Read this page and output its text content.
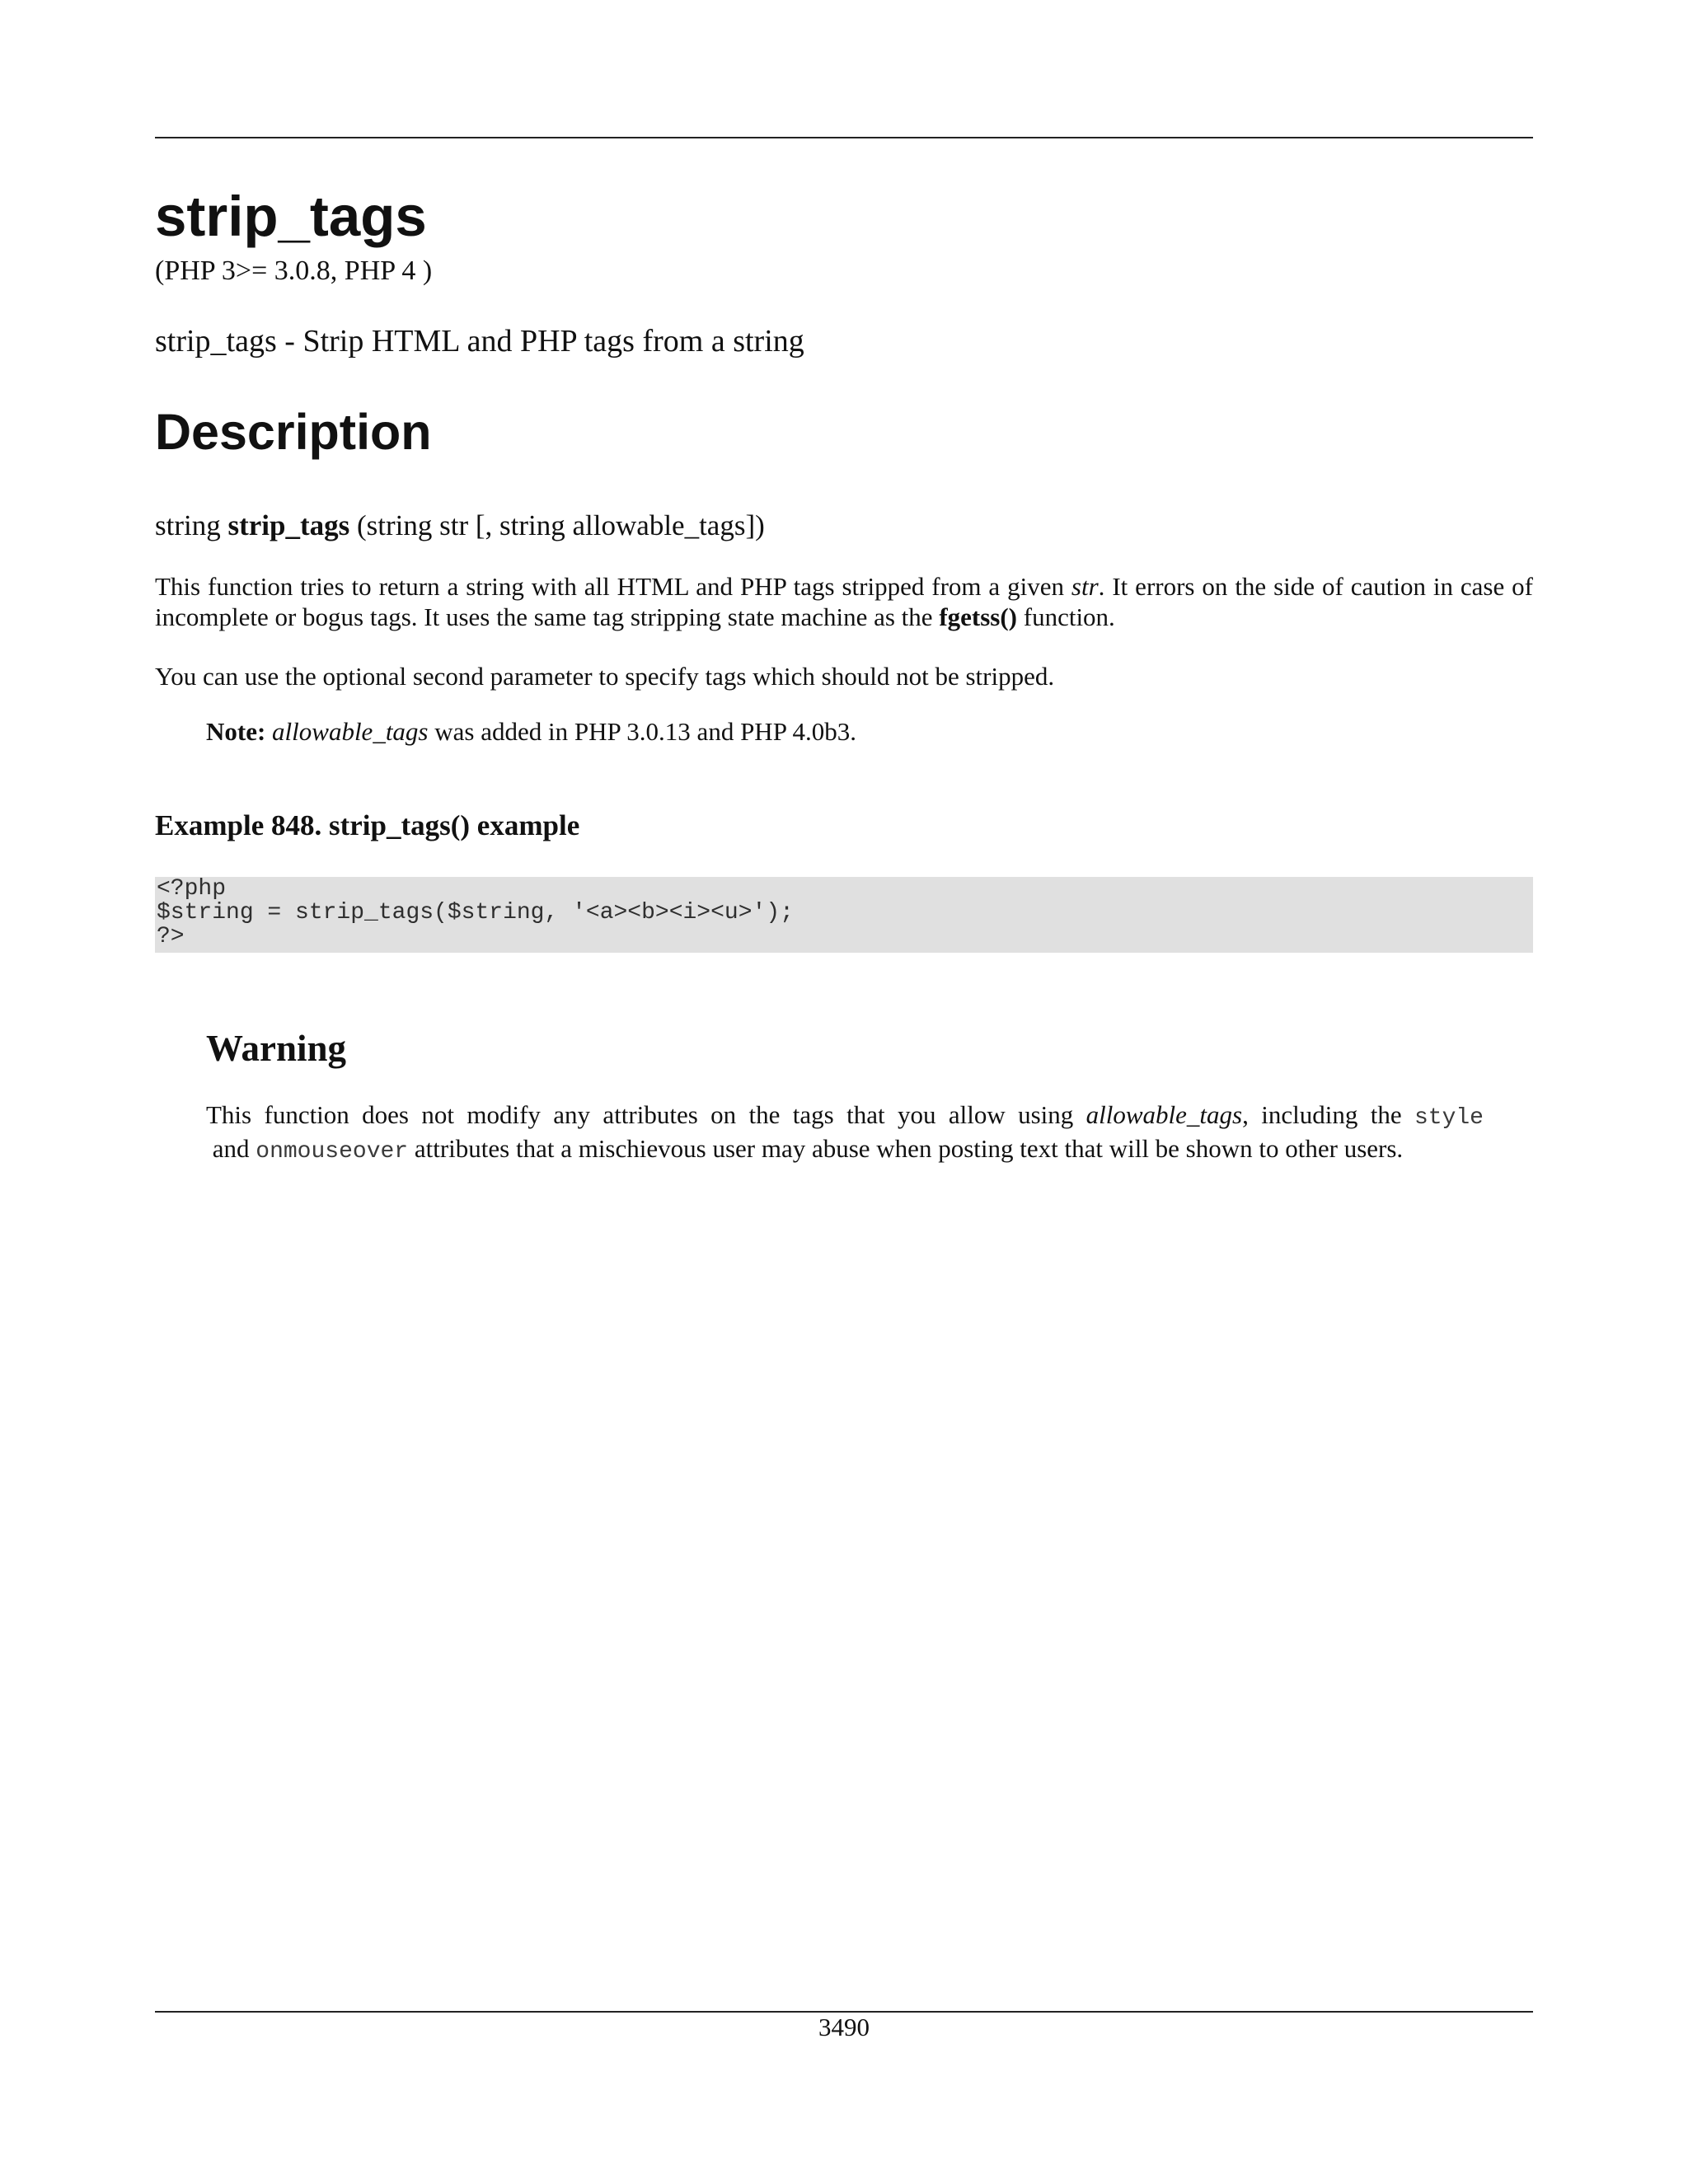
strip_tags
(PHP 3>= 3.0.8, PHP 4 )
strip_tags - Strip HTML and PHP tags from a string
Description
string strip_tags (string str [, string allowable_tags])

This function tries to return a string with all HTML and PHP tags stripped from a given str. It errors on the side of caution in case of incomplete or bogus tags. It uses the same tag stripping state machine as the fgetss() function.

You can use the optional second parameter to specify tags which should not be stripped.

Note: allowable_tags was added in PHP 3.0.13 and PHP 4.0b3.

Example 848. strip_tags() example
<?php
$string = strip_tags($string, '<a><b><i><u>');
?>
Warning

This function does not modify any attributes on the tags that you allow using allowable_tags, including the style and onmouseover attributes that a mischievous user may abuse when posting text that will be shown to other users.

3490
